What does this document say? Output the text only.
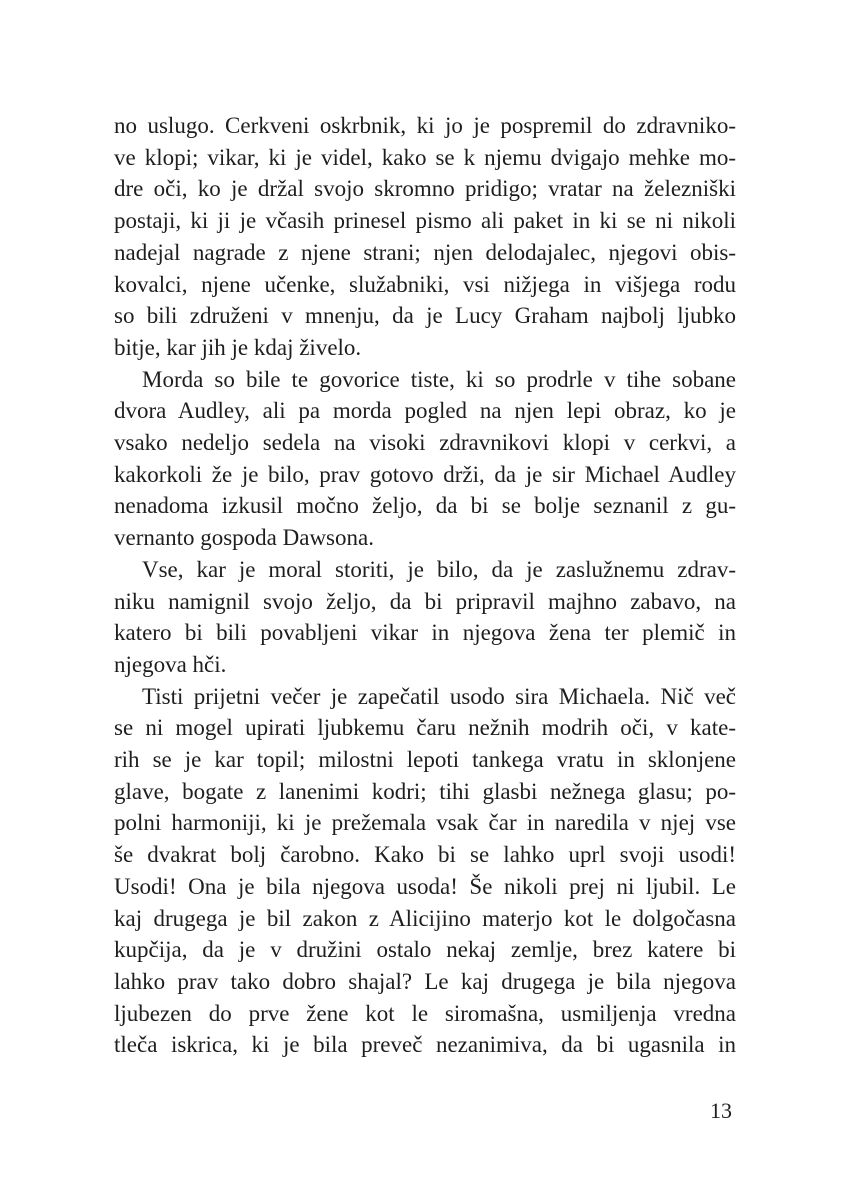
no uslugo. Cerkveni oskrbnik, ki jo je pospremil do zdravniko-
ve klopi; vikar, ki je videl, kako se k njemu dvigajo mehke mo-
dre oči, ko je držal svojo skromno pridigo; vratar na železniški
postaji, ki ji je včasih prinesel pismo ali paket in ki se ni nikoli
nadejal nagrade z njene strani; njen delodajalec, njegovi obis-
kovalci, njene učenke, služabniki, vsi nižjega in višjega rodu
so bili združeni v mnenju, da je Lucy Graham najbolj ljubko
bitje, kar jih je kdaj živelo.
Morda so bile te govorice tiste, ki so prodrle v tihe sobane
dvora Audley, ali pa morda pogled na njen lepi obraz, ko je
vsako nedeljo sedela na visoki zdravnikovi klopi v cerkvi, a
kakorkoli že je bilo, prav gotovo drži, da je sir Michael Audley
nenadoma izkusil močno željo, da bi se bolje seznanil z gu-
vernanto gospoda Dawsona.
Vse, kar je moral storiti, je bilo, da je zaslužnemu zdrav-
niku namignil svojo željo, da bi pripravil majhno zabavo, na
katero bi bili povabljeni vikar in njegova žena ter plemič in
njegova hči.
Tisti prijetni večer je zapečatil usodo sira Michaela. Nič več
se ni mogel upirati ljubkemu čaru nežnih modrih oči, v kate-
rih se je kar topil; milostni lepoti tankega vratu in sklonjene
glave, bogate z lanenimi kodri; tihi glasbi nežnega glasu; po-
polni harmoniji, ki je prežemala vsak čar in naredila v njej vse
še dvakrat bolj čarobno. Kako bi se lahko uprl svoji usodi!
Usodi! Ona je bila njegova usoda! Še nikoli prej ni ljubil. Le
kaj drugega je bil zakon z Alicijino materjo kot le dolgočasna
kupčija, da je v družini ostalo nekaj zemlje, brez katere bi
lahko prav tako dobro shajal? Le kaj drugega je bila njegova
ljubezen do prve žene kot le siromašna, usmiljenja vredna
tleča iskrica, ki je bila preveč nezanimiva, da bi ugasnila in
13
